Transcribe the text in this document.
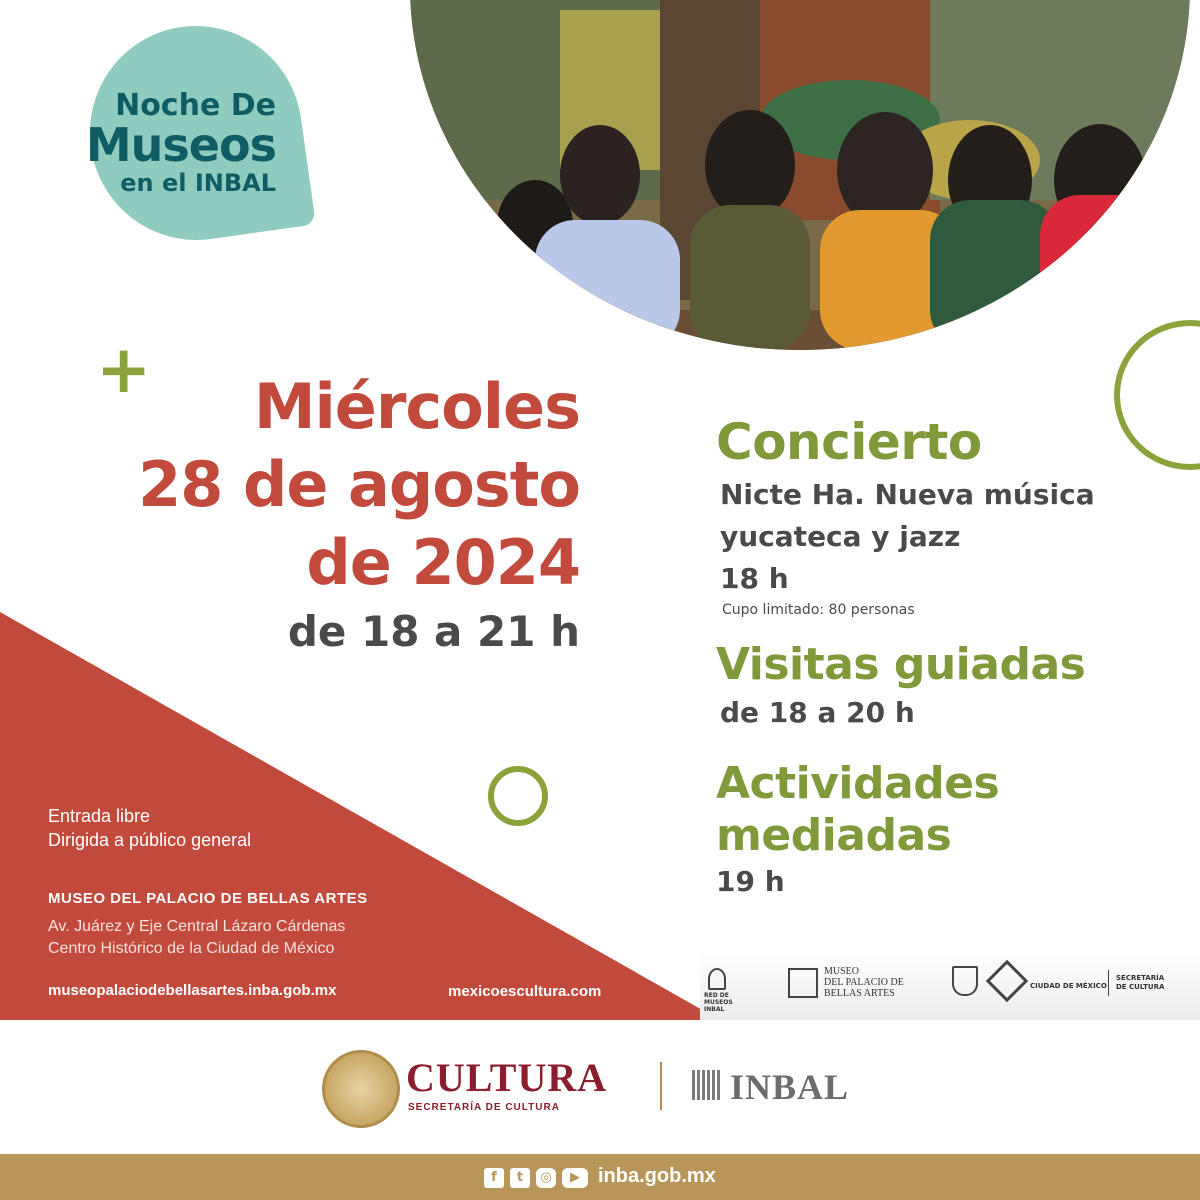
Noche De
Museos
en el INBAL
+	Miércoles
28 de agosto
de 2024
de 18 a 21 h
Entrada libre
Dirigida a público general
MUSEO DEL PALACIO DE BELLAS ARTES
Av. Juárez y Eje Central Lázaro Cárdenas
Centro Histórico de la Ciudad de México
museopalaciodebellasartes.inba.gob.mx	mexicoescultura.com
Concierto
Nicte Ha. Nueva música
yucateca y jazz
18 h
Cupo limitado: 80 personas
Visitas guiadas
de 18 a 20 h
Actividades
mediadas
19 h
RED DE MUSEOS INBAL
MUSEO
DEL PALACIO DE
BELLAS ARTES
CIUDAD DE MÉXICO
SECRETARÍA
DE CULTURA
CULTURA
SECRETARÍA DE CULTURA
INBAL
f	t	◎	▶ inba.gob.mx
